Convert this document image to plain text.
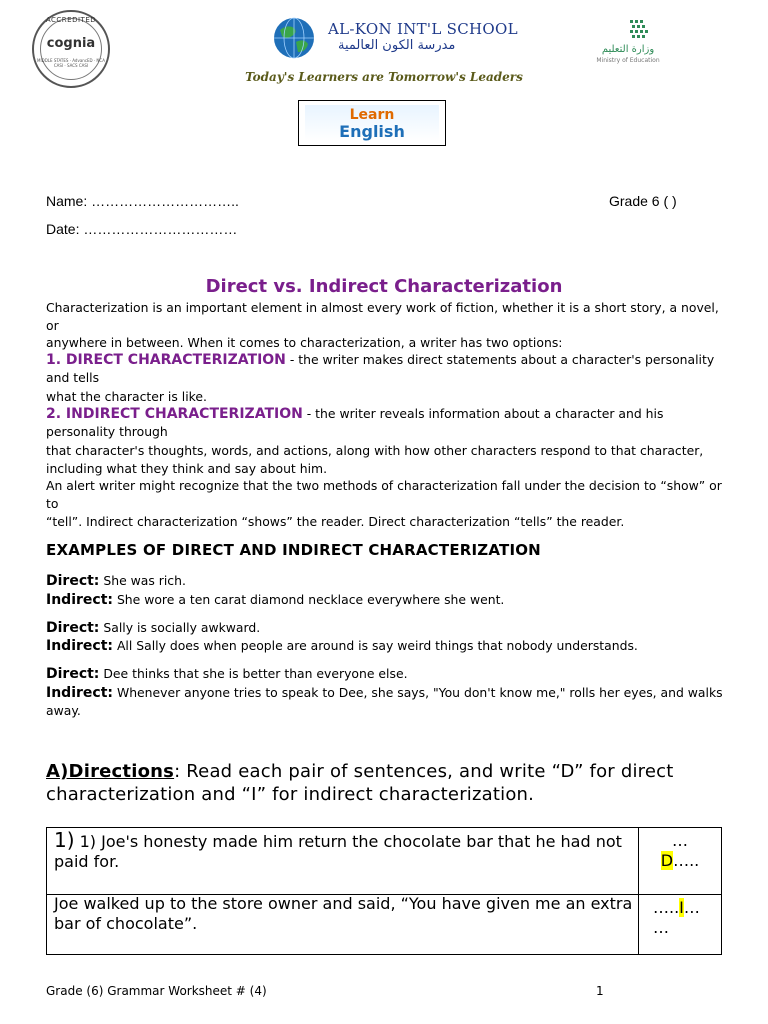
ACCREDITED
cognia
MIDDLE STATES · AdvancED · NCA CASI · SACS CASI
AL-KON INT'L SCHOOL
مدرسة الكون العالمية
Today's Learners are Tomorrow's Leaders
وزارة التعليم
Ministry of Education
Learn
English
Name: …………………………..	Grade 6 ( )
Date: ……………………………
Direct vs. Indirect Characterization
Characterization is an important element in almost every work of fiction, whether it is a short story, a novel, or
anywhere in between. When it comes to characterization, a writer has two options:
1. DIRECT CHARACTERIZATION - the writer makes direct statements about a character's personality and tells
what the character is like.
2. INDIRECT CHARACTERIZATION - the writer reveals information about a character and his personality through
that character's thoughts, words, and actions, along with how other characters respond to that character, including what they think and say about him.
An alert writer might recognize that the two methods of characterization fall under the decision to “show” or to
“tell”. Indirect characterization “shows” the reader. Direct characterization “tells” the reader.
EXAMPLES OF DIRECT AND INDIRECT CHARACTERIZATION
Direct: She was rich.
Indirect: She wore a ten carat diamond necklace everywhere she went.
Direct: Sally is socially awkward.
Indirect: All Sally does when people are around is say weird things that nobody understands.
Direct: Dee thinks that she is better than everyone else.
Indirect: Whenever anyone tries to speak to Dee, she says, "You don't know me," rolls her eyes, and walks away.
A)Directions: Read each pair of sentences, and write “D” for direct characterization and “I” for indirect characterization.
1) 1) Joe's honesty made him return the chocolate bar that he had not paid for.
…
D…..
Joe walked up to the store owner and said, “You have given me an extra bar of chocolate”.
…..I…
…
Grade (6) Grammar Worksheet # (4)	1
